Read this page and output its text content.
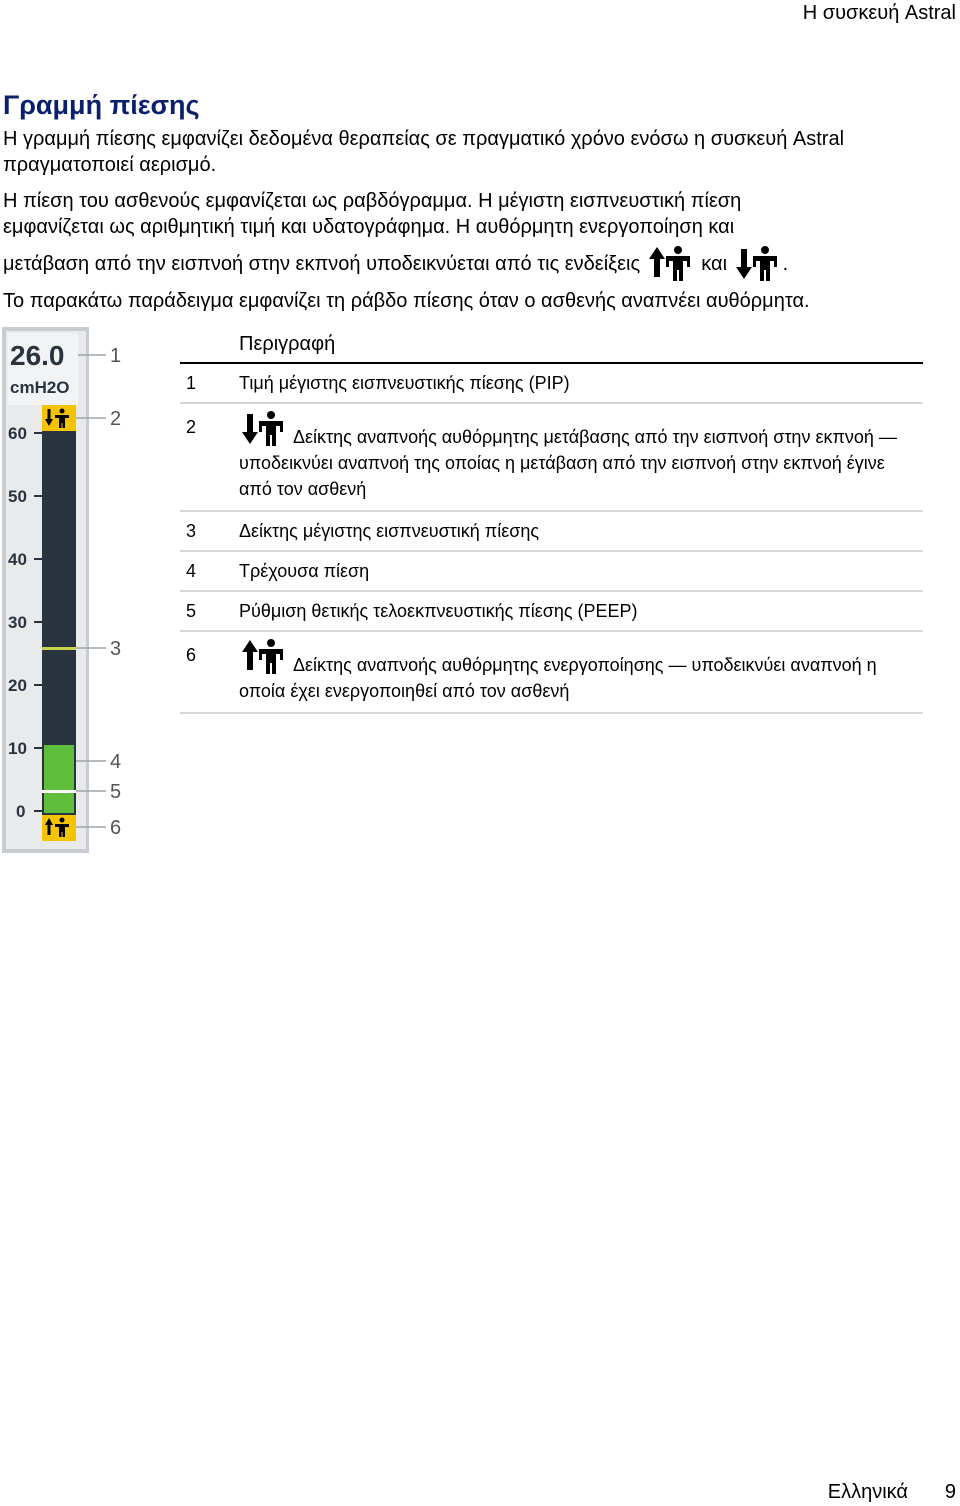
Η συσκευή Astral
Γραμμή πίεσης

Η γραμμή πίεσης εμφανίζει δεδομένα θεραπείας σε πραγματικό χρόνο ενόσω η συσκευή Astral πραγματοποιεί αερισμό.

Η πίεση του ασθενούς εμφανίζεται ως ραβδόγραμμα. Η μέγιστη εισπνευστική πίεση

εμφανίζεται ως αριθμητική τιμή και υδατογράφημα. Η αυθόρμητη ενεργοποίηση και

μετάβαση από την εισπνοή στην εκπνοή υποδεικνύεται από τις ενδείξεις	και	.

Το παρακάτω παράδειγμα εμφανίζει τη ράβδο πίεσης όταν ο ασθενής αναπνέει αυθόρμητα.

26.0
cmH2O
60
50
40
30
20
10
0
1
2
3
4
5
6
Περιγραφή
1	Τιμή μέγιστης εισπνευστικής πίεσης (PIP)
2	Δείκτης αναπνοής αυθόρμητης μετάβασης από την εισπνοή στην εκπνοή — υποδεικνύει αναπνοή της οποίας η μετάβαση από την εισπνοή στην εκπνοή έγινε από τον ασθενή
3	Δείκτης μέγιστης εισπνευστική πίεσης
4	Τρέχουσα πίεση
5	Ρύθμιση θετικής τελοεκπνευστικής πίεσης (PEEP)
6	Δείκτης αναπνοής αυθόρμητης ενεργοποίησης — υποδεικνύει αναπνοή η οποία έχει ενεργοποιηθεί από τον ασθενή
Ελληνικά 9
